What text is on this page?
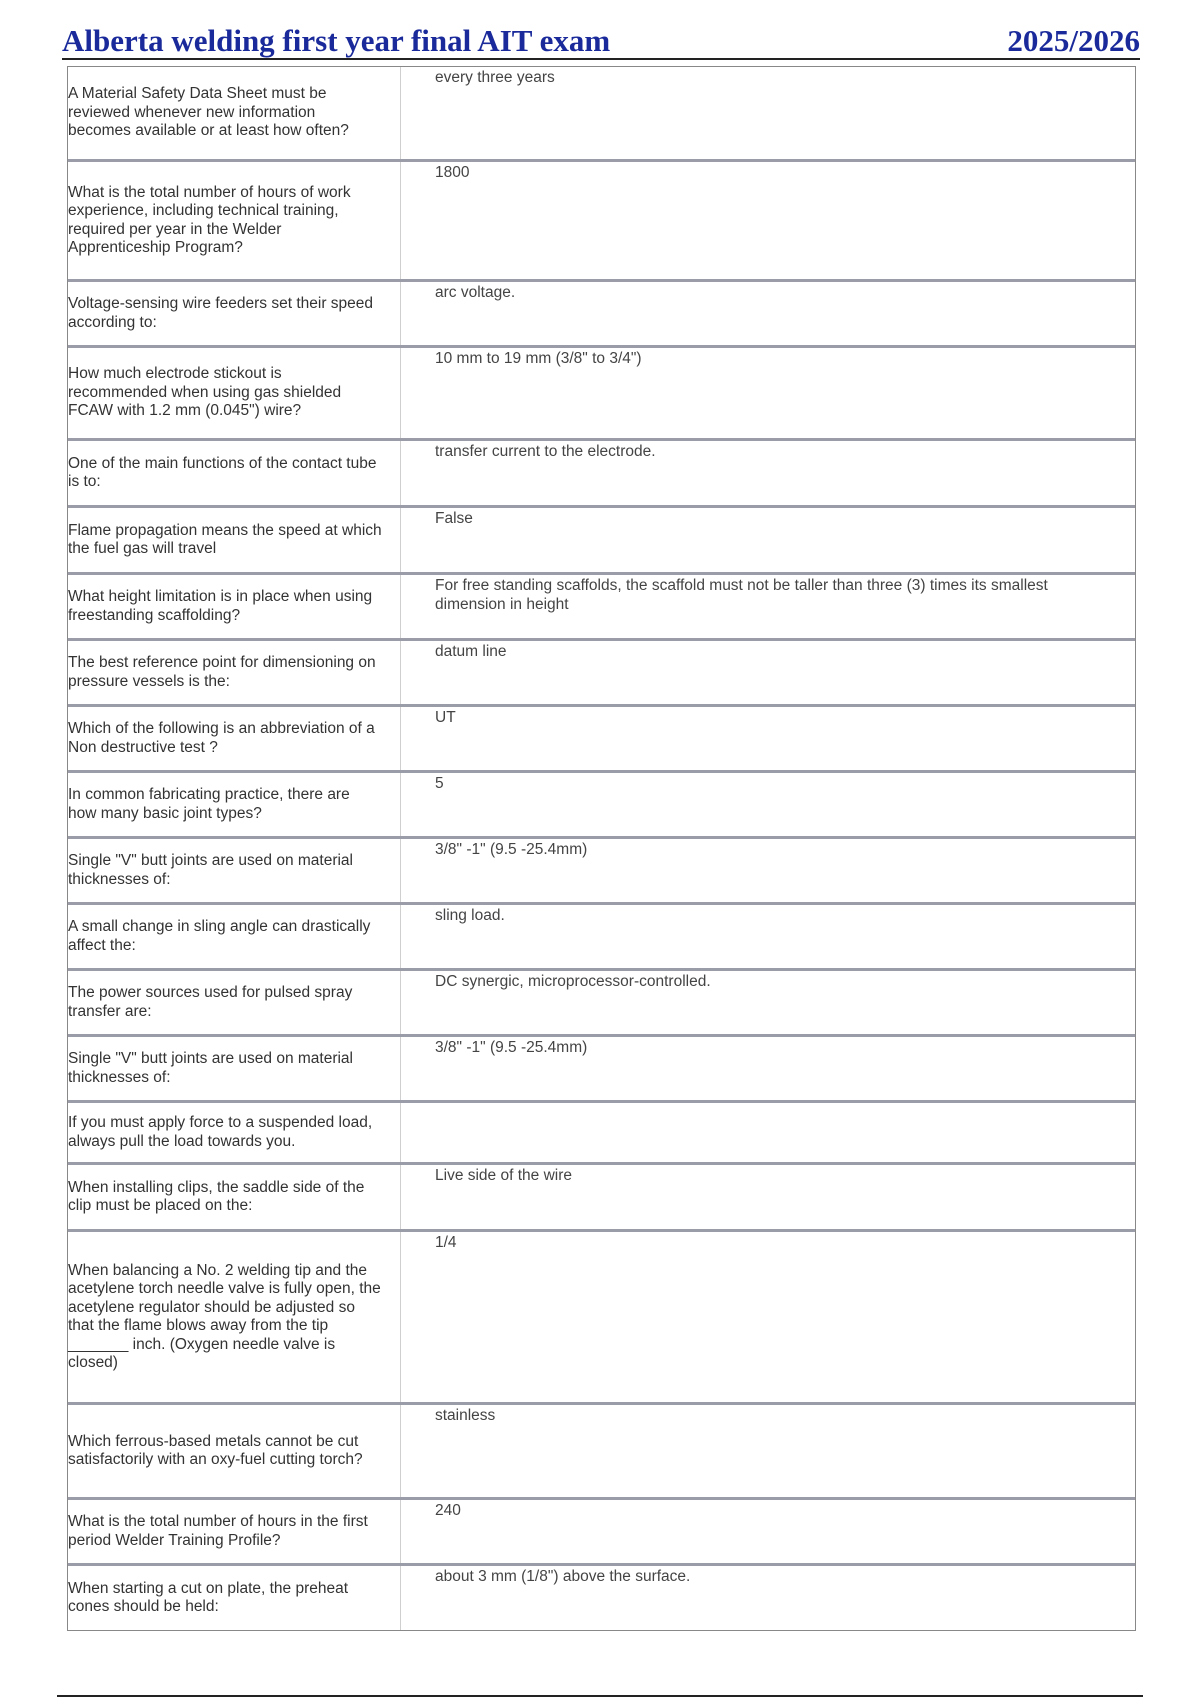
Alberta welding first year final AIT exam	2025/2026
A Material Safety Data Sheet must be reviewed whenever new information becomes available or at least how often?
every three years
What is the total number of hours of work experience, including technical training, required per year in the Welder Apprenticeship Program?
1800
Voltage-sensing wire feeders set their speed according to:
arc voltage.
How much electrode stickout is recommended when using gas shielded FCAW with 1.2 mm (0.045") wire?
10 mm to 19 mm (3/8" to 3/4")
One of the main functions of the contact tube is to:
transfer current to the electrode.
Flame propagation means the speed at which the fuel gas will travel
False
What height limitation is in place when using freestanding scaffolding?
For free standing scaffolds, the scaffold must not be taller than three (3) times its smallest dimension in height
The best reference point for dimensioning on pressure vessels is the:
datum line
Which of the following is an abbreviation of a Non destructive test ?
UT
In common fabricating practice, there are how many basic joint types?
5
Single "V" butt joints are used on material thicknesses of:
3/8" -1" (9.5 -25.4mm)
A small change in sling angle can drastically affect the:
sling load.
The power sources used for pulsed spray transfer are:
DC synergic, microprocessor-controlled.
Single "V" butt joints are used on material thicknesses of:
3/8" -1" (9.5 -25.4mm)
If you must apply force to a suspended load, always pull the load towards you.
When installing clips, the saddle side of the clip must be placed on the:
Live side of the wire
When balancing a No. 2 welding tip and the acetylene torch needle valve is fully open, the acetylene regulator should be adjusted so that the flame blows away from the tip _______ inch. (Oxygen needle valve is closed)
1/4
Which ferrous-based metals cannot be cut satisfactorily with an oxy-fuel cutting torch?
stainless
What is the total number of hours in the first period Welder Training Profile?
240
When starting a cut on plate, the preheat cones should be held:
about 3 mm (1/8") above the surface.
